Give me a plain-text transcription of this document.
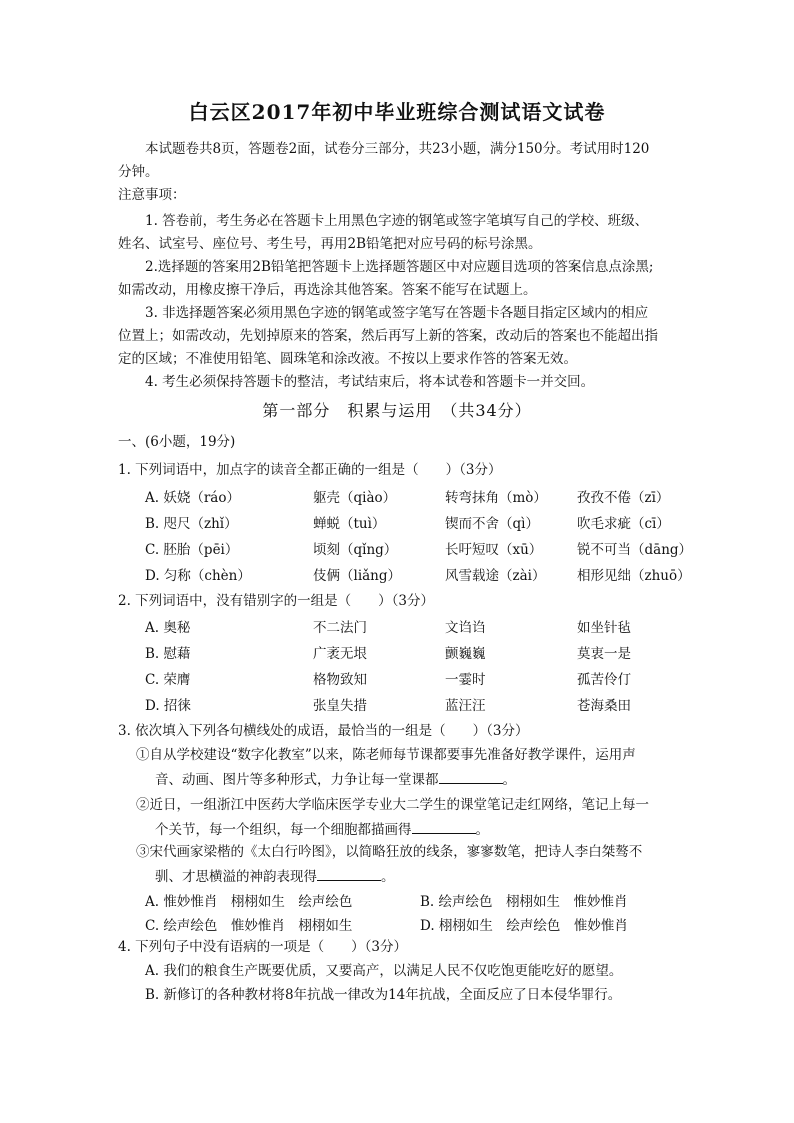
白云区2017年初中毕业班综合测试语文试卷
本试题卷共8页，答题卷2面，试卷分三部分，共23小题，满分150分。考试用时120
分钟。
注意事项：
1. 答卷前，考生务必在答题卡上用黑色字迹的钢笔或签字笔填写自己的学校、班级、
姓名、试室号、座位号、考生号，再用2B铅笔把对应号码的标号涂黑。
2.选择题的答案用2B铅笔把答题卡上选择题答题区中对应题目选项的答案信息点涂黑;
如需改动，用橡皮擦干净后，再选涂其他答案。答案不能写在试题上。
3. 非选择题答案必须用黑色字迹的钢笔或签字笔写在答题卡各题目指定区域内的相应
位置上；如需改动，先划掉原来的答案，然后再写上新的答案，改动后的答案也不能超出指
定的区域；不准使用铅笔、圆珠笔和涂改液。不按以上要求作答的答案无效。
4. 考生必须保持答题卡的整洁，考试结束后，将本试卷和答题卡一并交回。
第一部分　积累与运用　（共34分）
一、(6小题，19分)
1. 下列词语中，加点字的读音全都正确的一组是（　　）（3分）
A. 妖娆（ráo）	躯壳（qiào）	转弯抹角（mò） 孜孜不倦（zī）
B. 咫尺（zhǐ）	蝉蜕（tuì）	锲而不舍（qì）	吹毛求疵（cī）
C. 胚胎（pēi）	顷刻（qǐng）	长吁短叹（xū）	锐不可当（dāng）
D. 匀称（chèn）	伎俩（liǎng）	风雪载途（zài） 相形见绌（zhuō）
2. 下列词语中，没有错别字的一组是（　　）（3分）
A. 奥秘	不二法门	文诌诌	如坐针毡
B. 慰藉	广袤无垠	颤巍巍	莫衷一是
C. 荣膺	格物致知	一霎时	孤苦伶仃
D. 招徕	张皇失措	蓝汪汪	苍海桑田
3. 依次填入下列各句横线处的成语，最恰当的一组是（　　）（3分）
①自从学校建设“数字化教室”以来，陈老师每节课都要事先准备好教学课件，运用声
音、动画、图片等多种形式，力争让每一堂课都	。
②近日，一组浙江中医药大学临床医学专业大二学生的课堂笔记走红网络，笔记上每一
个关节，每一个组织，每一个细胞都描画得	。
③宋代画家梁楷的《太白行吟图》，以简略狂放的线条，寥寥数笔，把诗人李白桀骜不
驯、才思横溢的神韵表现得	。
A. 惟妙惟肖　栩栩如生　绘声绘色	B. 绘声绘色　栩栩如生　惟妙惟肖
C. 绘声绘色　惟妙惟肖　栩栩如生	D. 栩栩如生　绘声绘色　惟妙惟肖
4. 下列句子中没有语病的一项是（　　）（3分）
A. 我们的粮食生产既要优质，又要高产，以满足人民不仅吃饱更能吃好的愿望。
B. 新修订的各种教材将8年抗战一律改为14年抗战，全面反应了日本侵华罪行。
